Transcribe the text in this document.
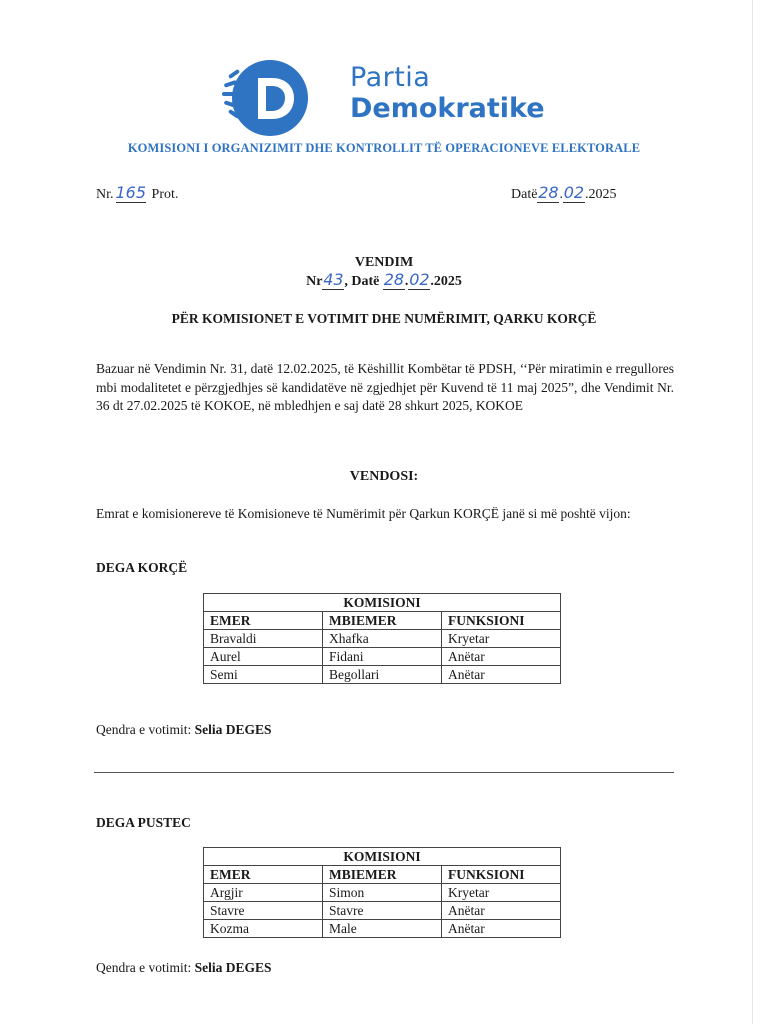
Partia
Demokratike
KOMISIONI I ORGANIZIMIT DHE KONTROLLIT TË OPERACIONEVE ELEKTORALE
Nr. 165 Prot.	Datë28.02.2025
VENDIM
Nr43, Datë 28.02.2025
PËR KOMISIONET E VOTIMIT DHE NUMËRIMIT, QARKU KORÇË
Bazuar në Vendimin Nr. 31, datë 12.02.2025, të Këshillit Kombëtar të PDSH, ‘‘Për miratimin e rregullores mbi modalitetet e përzgjedhjes së kandidatëve në zgjedhjet për Kuvend të 11 maj 2025”, dhe Vendimit Nr. 36 dt 27.02.2025 të KOKOE, në mbledhjen e saj datë 28 shkurt 2025, KOKOE
VENDOSI:
Emrat e komisionereve të Komisioneve të Numërimit për Qarkun KORÇË janë si më poshtë vijon:
DEGA KORÇË
KOMISIONI		
EMER	MBIEMER	FUNKSIONI
Bravaldi	Xhafka	Kryetar
Aurel	Fidani	Anëtar
Semi	Begollari	Anëtar
Qendra e votimit: Selia DEGES
DEGA PUSTEC
KOMISIONI		
EMER	MBIEMER	FUNKSIONI
Argjir	Simon	Kryetar
Stavre	Stavre	Anëtar
Kozma	Male	Anëtar
Qendra e votimit: Selia DEGES
